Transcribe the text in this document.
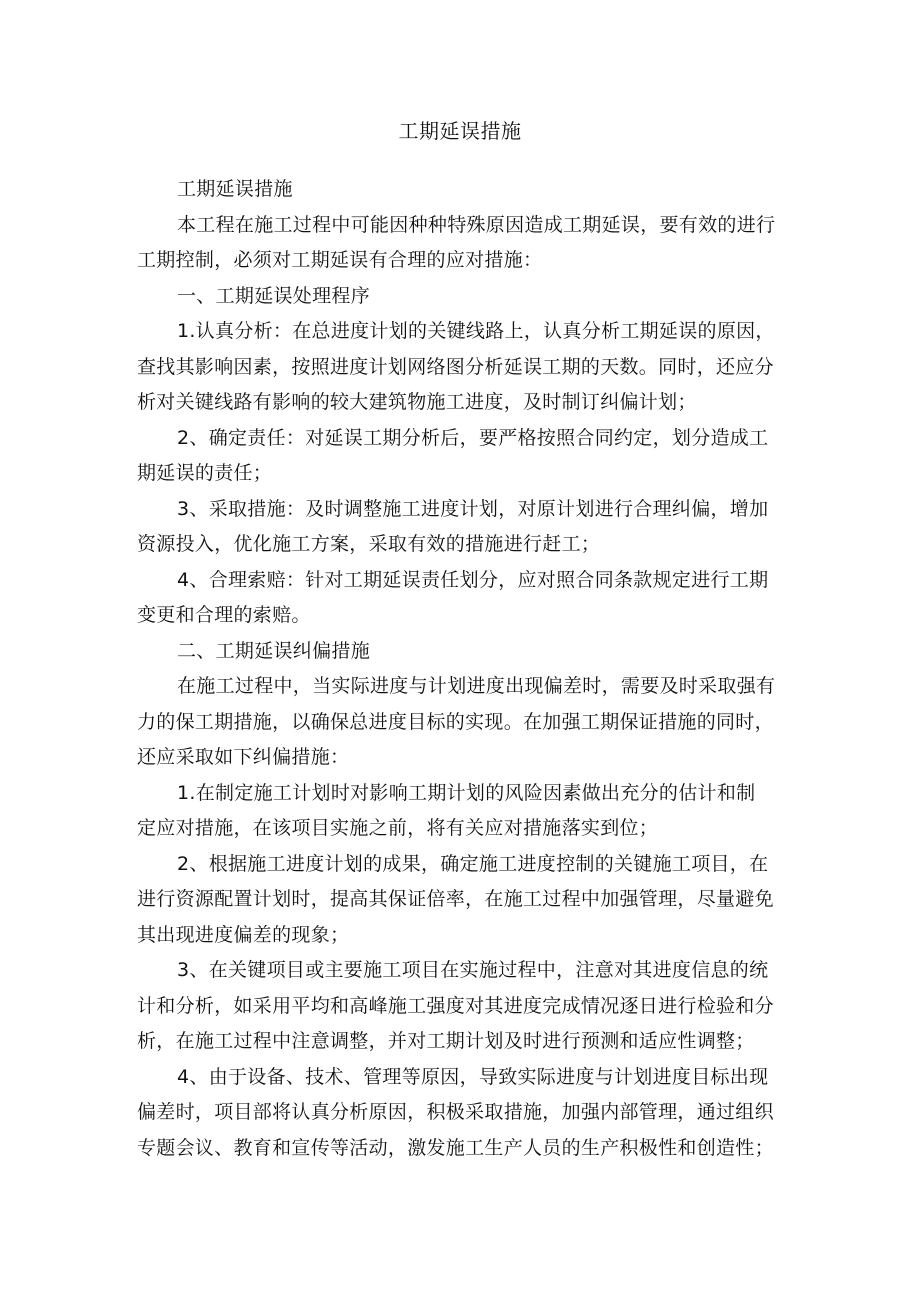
工期延误措施

工期延误措施

本工程在施工过程中可能因种种特殊原因造成工期延误，要有效的进行
工期控制，必须对工期延误有合理的应对措施：

一、工期延误处理程序

1.认真分析：在总进度计划的关键线路上，认真分析工期延误的原因，
查找其影响因素，按照进度计划网络图分析延误工期的天数。同时，还应分
析对关键线路有影响的较大建筑物施工进度，及时制订纠偏计划；

2、确定责任：对延误工期分析后，要严格按照合同约定，划分造成工
期延误的责任；

3、采取措施：及时调整施工进度计划，对原计划进行合理纠偏，增加
资源投入，优化施工方案，采取有效的措施进行赶工；

4、合理索赔：针对工期延误责任划分，应对照合同条款规定进行工期
变更和合理的索赔。

二、工期延误纠偏措施

在施工过程中，当实际进度与计划进度出现偏差时，需要及时采取强有
力的保工期措施，以确保总进度目标的实现。在加强工期保证措施的同时，
还应采取如下纠偏措施：

1.在制定施工计划时对影响工期计划的风险因素做出充分的估计和制
定应对措施，在该项目实施之前，将有关应对措施落实到位；

2、根据施工进度计划的成果，确定施工进度控制的关键施工项目，在
进行资源配置计划时，提高其保证倍率，在施工过程中加强管理，尽量避免
其出现进度偏差的现象；

3、在关键项目或主要施工项目在实施过程中，注意对其进度信息的统
计和分析，如采用平均和高峰施工强度对其进度完成情况逐日进行检验和分
析，在施工过程中注意调整，并对工期计划及时进行预测和适应性调整；

4、由于设备、技术、管理等原因，导致实际进度与计划进度目标出现
偏差时，项目部将认真分析原因，积极采取措施，加强内部管理，通过组织
专题会议、教育和宣传等活动，激发施工生产人员的生产积极性和创造性；
